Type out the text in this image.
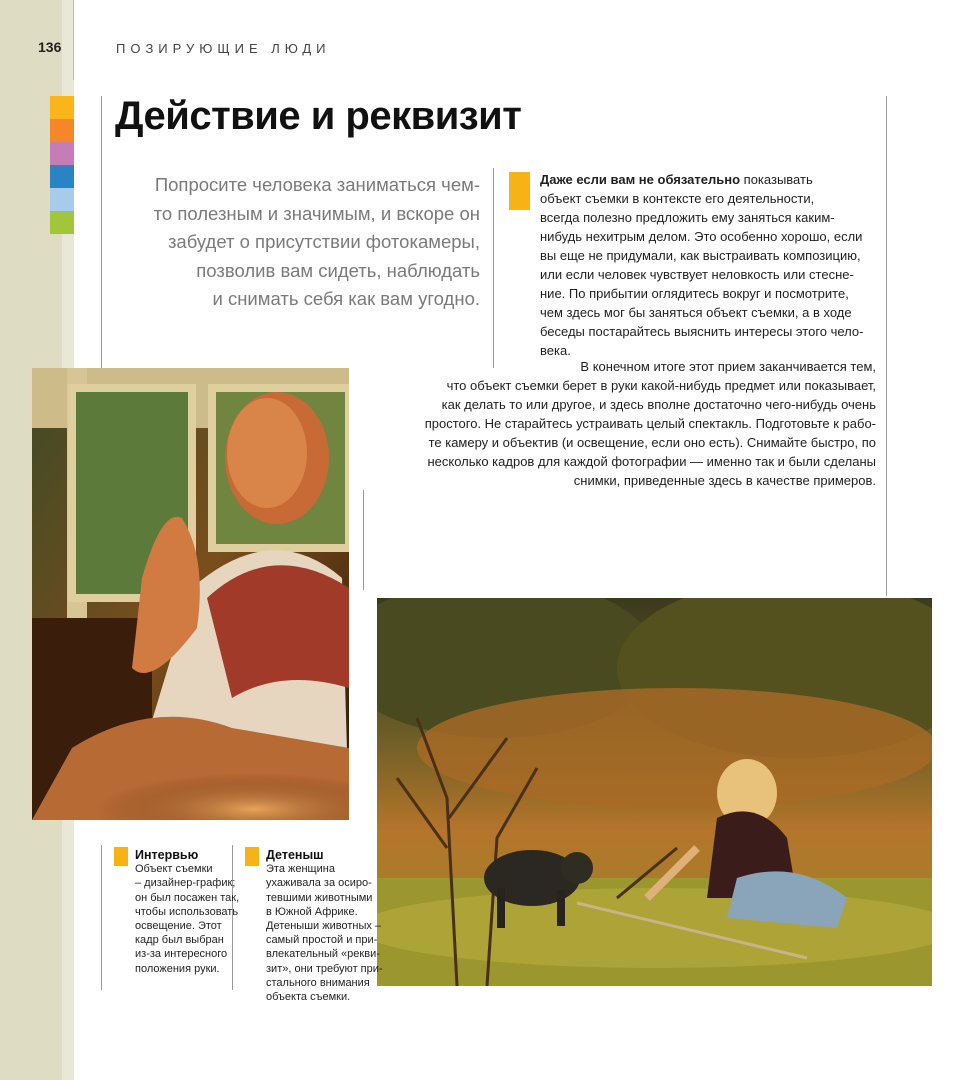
136	ПОЗИРУЮЩИЕ ЛЮДИ
Действие и реквизит
Попросите человека заниматься чем-
то полезным и значимым, и вскоре он
забудет о присутствии фотокамеры,
позволив вам сидеть, наблюдать
и снимать себя как вам угодно.
Даже если вам не обязательно показывать
объект съемки в контексте его деятельности,
всегда полезно предложить ему заняться каким-
нибудь нехитрым делом. Это особенно хорошо, если
вы еще не придумали, как выстраивать композицию,
или если человек чувствует неловкость или стесне-
ние. По прибытии оглядитесь вокруг и посмотрите,
чем здесь мог бы заняться объект съемки, а в ходе
беседы постарайтесь выяснить интересы этого чело-
века.
В конечном итоге этот прием заканчивается тем,
что объект съемки берет в руки какой-нибудь предмет или показывает,
как делать то или другое, и здесь вполне достаточно чего-нибудь очень
простого. Не старайтесь устраивать целый спектакль. Подготовьте к рабо-
те камеру и объектив (и освещение, если оно есть). Снимайте быстро, по
несколько кадров для каждой фотографии — именно так и были сделаны
снимки, приведенные здесь в качестве примеров.
Интервью
Объект съемки
– дизайнер-график;
он был посажен так,
чтобы использовать
освещение. Этот
кадр был выбран
из-за интересного
положения руки.
Детеныш
Эта женщина
ухаживала за осиро-
тевшими животными
в Южной Африке.
Детеныши животных –
самый простой и при-
влекательный «рекви-
зит», они требуют при-
стального внимания
объекта съемки.
